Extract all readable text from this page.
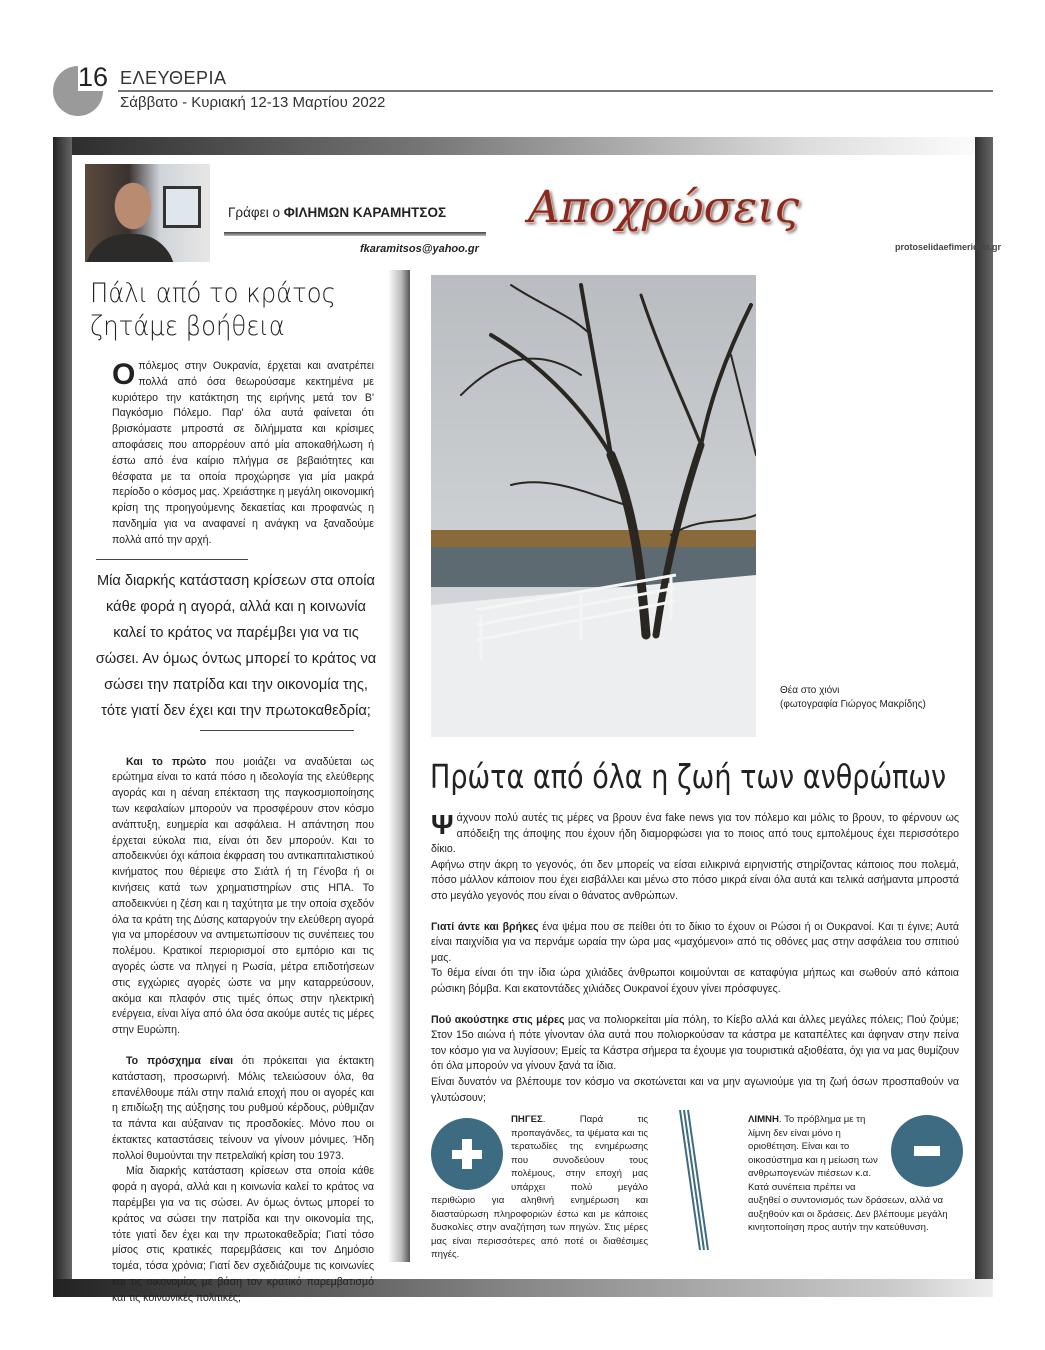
16 ΕΛΕΥΘΕΡΙΑ
Σάββατο - Κυριακή 12-13 Μαρτίου 2022
Γράφει ο ΦΙΛΗΜΩΝ ΚΑΡΑΜΗΤΣΟΣ
fkaramitsos@yahoo.gr
Αποχρώσεις
protoselidaefimeridon.gr
Πάλι από το κράτος ζητάμε βοήθεια
Οπόλεμος στην Ουκρανία, έρχεται και ανατρέπει πολλά από όσα θεωρούσαμε κεκτημένα με κυριότερο την κατάκτηση της ειρήνης μετά τον Β' Παγκόσμιο Πόλεμο. Παρ' όλα αυτά φαίνεται ότι βρισκόμαστε μπροστά σε διλήμματα και κρίσιμες αποφάσεις που απορρέουν από μία αποκαθήλωση ή έστω από ένα καίριο πλήγμα σε βεβαιότητες και θέσφατα με τα οποία προχώρησε για μία μακρά περίοδο ο κόσμος μας. Χρειάστηκε η μεγάλη οικονομική κρίση της προηγούμενης δεκαετίας και προφανώς η πανδημία για να αναφανεί η ανάγκη να ξαναδούμε πολλά από την αρχή.
Μία διαρκής κατάσταση κρίσεων στα οποία κάθε φορά η αγορά, αλλά και η κοινωνία καλεί το κράτος να παρέμβει για να τις σώσει. Αν όμως όντως μπορεί το κράτος να σώσει την πατρίδα και την οικονομία της, τότε γιατί δεν έχει και την πρωτοκαθεδρία;

Και το πρώτο που μοιάζει να αναδύεται ως ερώτημα είναι το κατά πόσο η ιδεολογία της ελεύθερης αγοράς και η αέναη επέκταση της παγκοσμιοποίησης των κεφαλαίων μπορούν να προσφέρουν στον κόσμο ανάπτυξη, ευημερία και ασφάλεια. Η απάντηση που έρχεται εύκολα πια, είναι ότι δεν μπορούν. Και το αποδεικνύει όχι κάποια έκφραση του αντικαπιταλιστικού κινήματος που θέριεψε στο Σιάτλ ή τη Γένοβα ή οι κινήσεις κατά των χρηματιστηρίων στις ΗΠΑ. Το αποδεικνύει η ζέση και η ταχύτητα με την οποία σχεδόν όλα τα κράτη της Δύσης καταργούν την ελεύθερη αγορά για να μπορέσουν να αντιμετωπίσουν τις συνέπειες του πολέμου. Κρατικοί περιορισμοί στο εμπόριο και τις αγορές ώστε να πληγεί η Ρωσία, μέτρα επιδοτήσεων στις εγχώριες αγορές ώστε να μην καταρρεύσουν, ακόμα και πλαφόν στις τιμές όπως στην ηλεκτρική ενέργεια, είναι λίγα από όλα όσα ακούμε αυτές τις μέρες στην Ευρώπη.

Το πρόσχημα είναι ότι πρόκειται για έκτακτη κατάσταση, προσωρινή. Μόλις τελειώσουν όλα, θα επανέλθουμε πάλι στην παλιά εποχή που οι αγορές και η επιδίωξη της αύξησης του ρυθμού κέρδους, ρύθμιζαν τα πάντα και αύξαιναν τις προσδοκίες. Μόνο που οι έκτακτες καταστάσεις τείνουν να γίνουν μόνιμες. Ήδη πολλοί θυμούνται την πετρελαϊκή κρίση του 1973.

Μία διαρκής κατάσταση κρίσεων στα οποία κάθε φορά η αγορά, αλλά και η κοινωνία καλεί το κράτος να παρέμβει για να τις σώσει. Αν όμως όντως μπορεί το κράτος να σώσει την πατρίδα και την οικονομία της, τότε γιατί δεν έχει και την πρωτοκαθεδρία; Γιατί τόσο μίσος στις κρατικές παρεμβάσεις και τον Δημόσιο τομέα, τόσα χρόνια; Γιατί δεν σχεδιάζουμε τις κοινωνίες και τις οικονομίας με βάση τον κρατικό παρεμβατισμό και τις κοινωνικές πολιτικές;

Θέα στο χιόνι
(φωτογραφία Γιώργος Μακρίδης)
Πρώτα από όλα η ζωή των ανθρώπων

Ψάχνουν πολύ αυτές τις μέρες να βρουν ένα fake news για τον πόλεμο και μόλις το βρουν, το φέρνουν ως απόδειξη της άποψης που έχουν ήδη διαμορφώσει για το ποιος από τους εμπολέμους έχει περισσότερο δίκιο.

Αφήνω στην άκρη το γεγονός, ότι δεν μπορείς να είσαι ειλικρινά ειρηνιστής στηρίζοντας κάποιος που πολεμά, πόσο μάλλον κάποιον που έχει εισβάλλει και μένω στο πόσο μικρά είναι όλα αυτά και τελικά ασήμαντα μπροστά στο μεγάλο γεγονός που είναι ο θάνατος ανθρώπων.

Γιατί άντε και βρήκες ένα ψέμα που σε πείθει ότι το δίκιο το έχουν οι Ρώσοι ή οι Ουκρανοί. Και τι έγινε; Αυτά είναι παιχνίδια για να περνάμε ωραία την ώρα μας «μαχόμενοι» από τις οθόνες μας στην ασφάλεια του σπιτιού μας.

Το θέμα είναι ότι την ίδια ώρα χιλιάδες άνθρωποι κοιμούνται σε καταφύγια μήπως και σωθούν από κάποια ρώσικη βόμβα. Και εκατοντάδες χιλιάδες Ουκρανοί έχουν γίνει πρόσφυγες.

Πού ακούστηκε στις μέρες μας να πολιορκείται μία πόλη, το Κίεβο αλλά και άλλες μεγάλες πόλεις; Πού ζούμε; Στον 15ο αιώνα ή πότε γίνονταν όλα αυτά που πολιορκούσαν τα κάστρα με καταπέλτες και άφηναν στην πείνα τον κόσμο για να λυγίσουν; Εμείς τα Κάστρα σήμερα τα έχουμε για τουριστικά αξιοθέατα, όχι για να μας θυμίζουν ότι όλα μπορούν να γίνουν ξανά τα ίδια.

Είναι δυνατόν να βλέπουμε τον κόσμο να σκοτώνεται και να μην αγωνιούμε για τη ζωή όσων προσπαθούν να γλυτώσουν;

ΠΗΓΕΣ. Παρά τις προπαγάνδες, τα ψέματα και τις τερατωδίες της ενημέρωσης που συνοδεύουν τους πολέμους, στην εποχή μας υπάρχει πολύ μεγάλο περιθώριο για αληθινή ενημέρωση και διασταύρωση πληροφοριών έστω και με κάποιες δυσκολίες στην αναζήτηση των πηγών. Στις μέρες μας είναι περισσότερες από ποτέ οι διαθέσιμες πηγές.
ΛΙΜΝΗ. Το πρόβλημα με τη λίμνη δεν είναι μόνο η οριοθέτηση. Είναι και το οικοσύστημα και η μείωση των ανθρωπογενών πιέσεων κ.α. Κατά συνέπεια πρέπει να αυξηθεί ο συντονισμός των δράσεων, αλλά να αυξηθούν και οι δράσεις. Δεν βλέπουμε μεγάλη κινητοποίηση προς αυτήν την κατεύθυνση.
